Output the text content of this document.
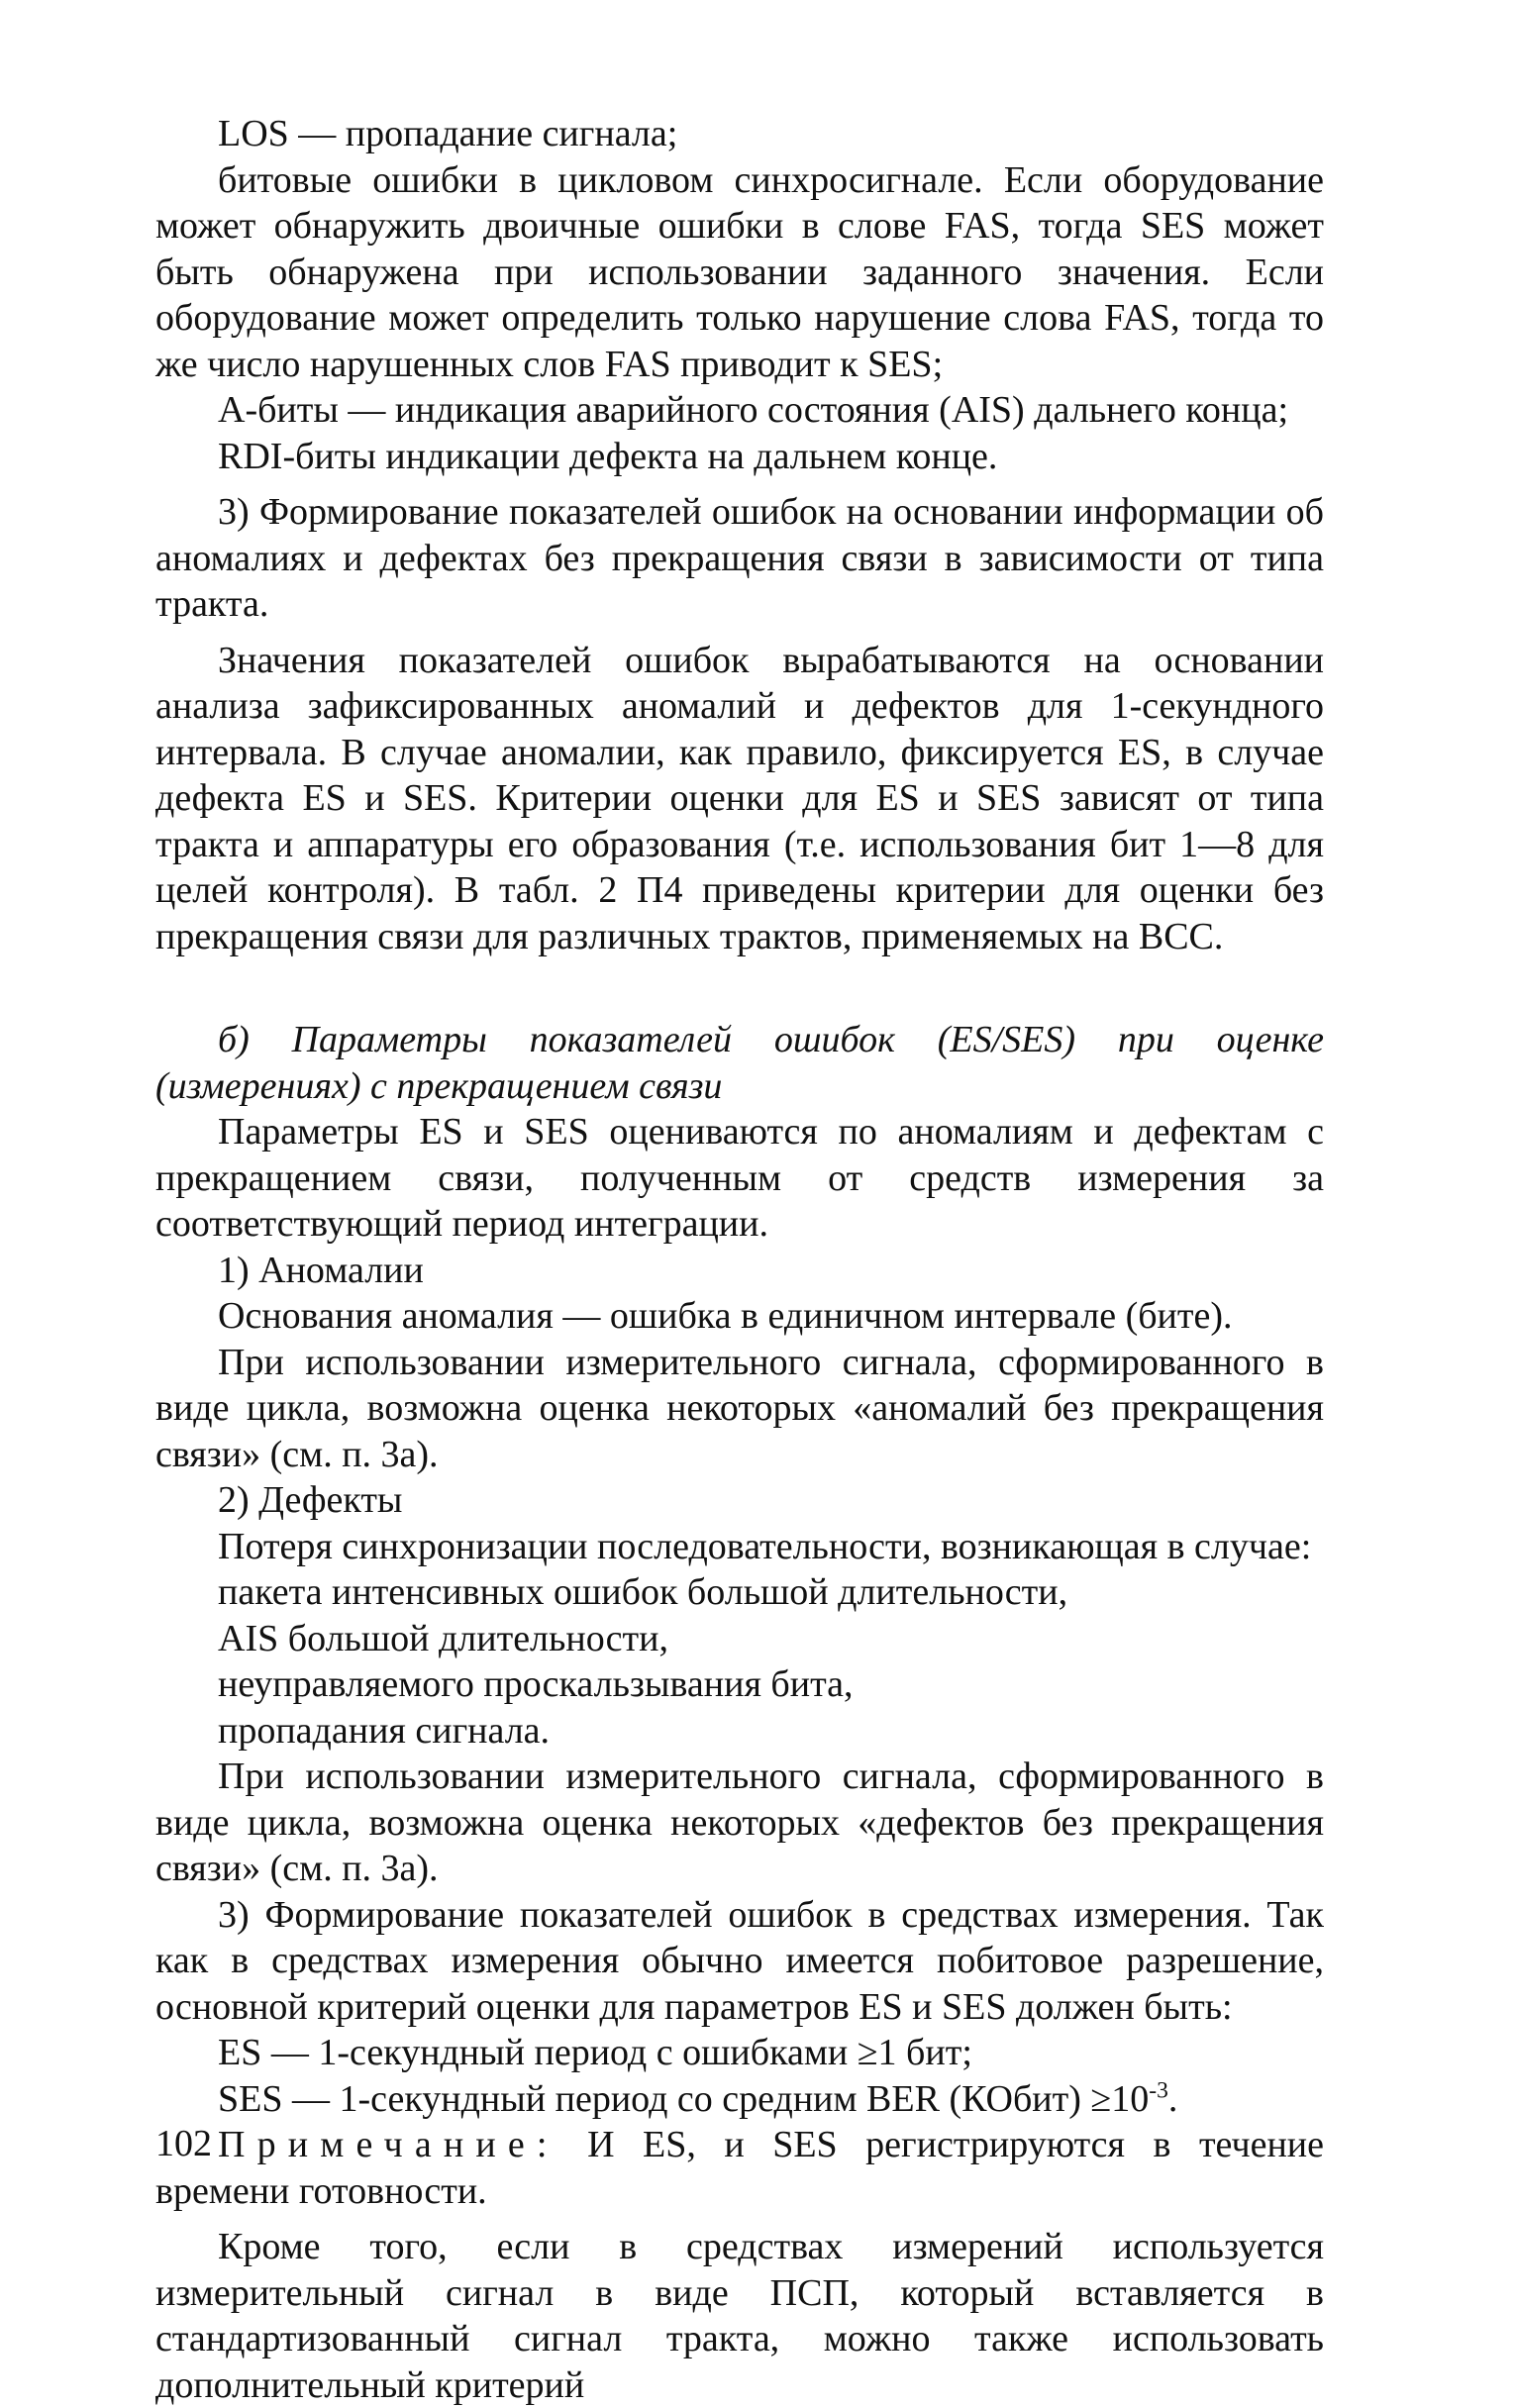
LOS — пропадание сигнала;

битовые ошибки в цикловом синхросигнале. Если оборудование может обнаружить двоичные ошибки в слове FAS, тогда SES может быть обнаружена при использовании заданного значения. Если оборудование может определить только нарушение слова FAS, тогда то же число нарушенных слов FAS приводит к SES;

A-биты — индикация аварийного состояния (AIS) дальнего конца;

RDI-биты индикации дефекта на дальнем конце.

3) Формирование показателей ошибок на основании информации об аномалиях и дефектах без прекращения связи в зависимости от типа тракта.

Значения показателей ошибок вырабатываются на основании анализа зафиксированных аномалий и дефектов для 1-секундного интервала. В случае аномалии, как правило, фиксируется ES, в случае дефекта ES и SES. Критерии оценки для ES и SES зависят от типа тракта и аппаратуры его образования (т.е. использования бит 1—8 для целей контроля). В табл. 2 П4 приведены критерии для оценки без прекращения связи для различных трактов, применяемых на ВСС.

б) Параметры показателей ошибок (ES/SES) при оценке (измерениях) с прекращением связи

Параметры ES и SES оцениваются по аномалиям и дефектам с прекращением связи, полученным от средств измерения за соответствующий период интеграции.

1) Аномалии

Основания аномалия — ошибка в единичном интервале (бите).

При использовании измерительного сигнала, сформированного в виде цикла, возможна оценка некоторых «аномалий без прекращения связи» (см. п. 3а).

2) Дефекты

Потеря синхронизации последовательности, возникающая в случае:

пакета интенсивных ошибок большой длительности,

AIS большой длительности,

неуправляемого проскальзывания бита,

пропадания сигнала.

При использовании измерительного сигнала, сформированного в виде цикла, возможна оценка некоторых «дефектов без прекращения связи» (см. п. 3а).

3) Формирование показателей ошибок в средствах измерения. Так как в средствах измерения обычно имеется побитовое разрешение, основной критерий оценки для параметров ES и SES должен быть:

ES — 1-секундный период с ошибками ≥1 бит;

SES — 1-секундный период со средним BER (КОбит) $\ge 10^{-3}$.

Примечание: И ES, и SES регистрируются в течение времени готовности.

Кроме того, если в средствах измерений используется измерительный сигнал в виде ПСП, который вставляется в стандартизованный сигнал тракта, можно также использовать дополнительный критерий

102
